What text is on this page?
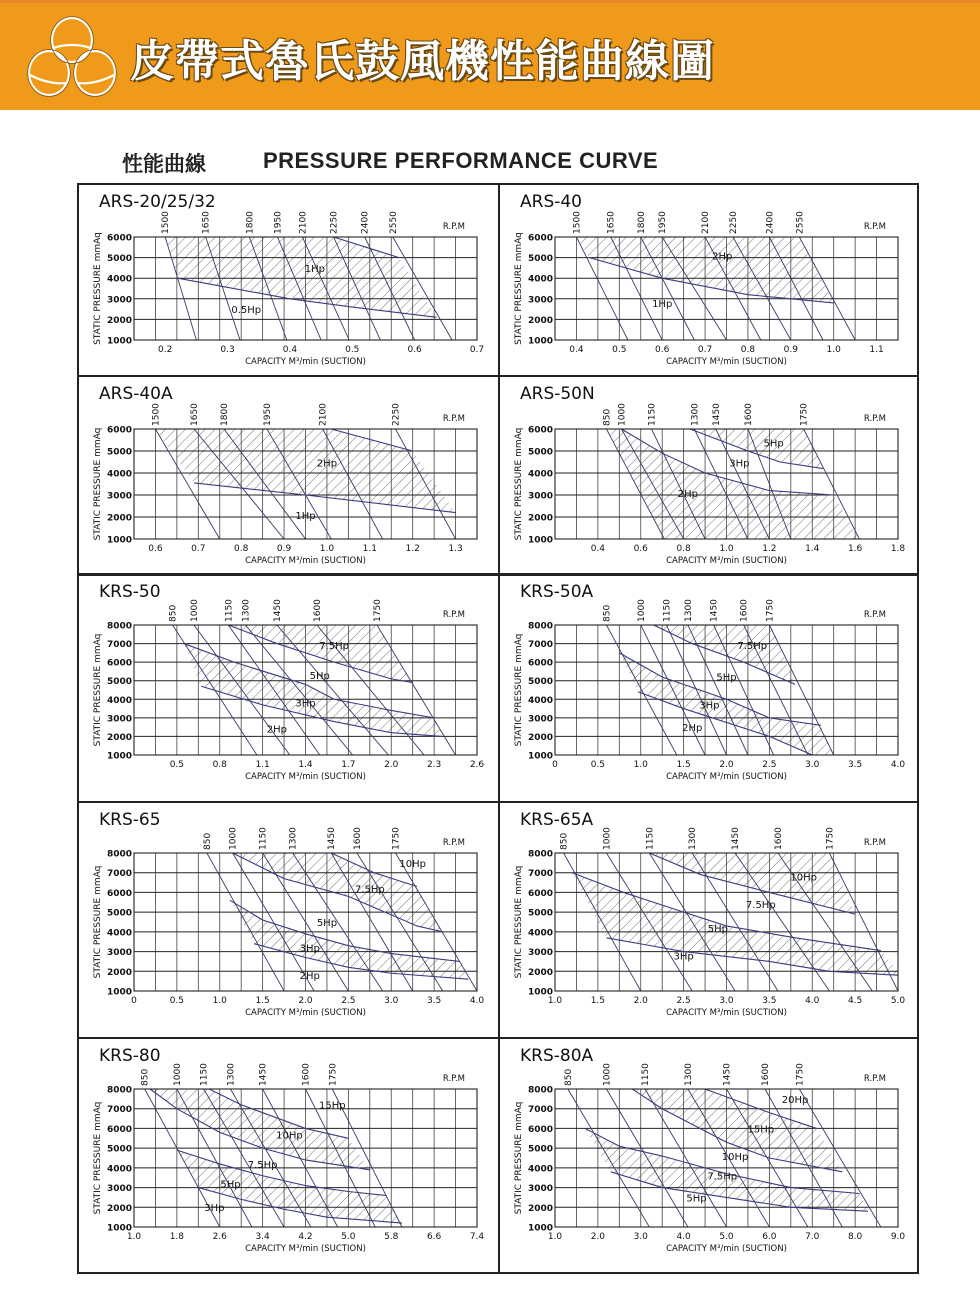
皮帶式魯氏鼓風機性能曲線圖
性能曲線	PRESSURE PERFORMANCE CURVE
ARS-20/25/32
1000
2000
3000
4000
5000
6000
0.2	0.3	0.4	0.5	0.6	0.7
CAPACITY M³/min (SUCTION)
STATIC PRESSURE mmAq
R.P.M
1500	1650	1800 1950 2100 2250 2400 2550
1Hp
0.5Hp
ARS-40
1000
2000
3000
4000
5000
6000
0.4	0.5	0.6	0.7	0.8	0.9	1.0	1.1
CAPACITY M³/min (SUCTION)
STATIC PRESSURE mmAq
R.P.M
1500	1650 1800 1950	2100 2250	2400 2550
2Hp
1Hp
ARS-40A
1000
2000
3000
4000
5000
6000
0.6	0.7	0.8	0.9	1.0	1.1	1.2	1.3
CAPACITY M³/min (SUCTION)
STATIC PRESSURE mmAq
R.P.M
1500	1650 1800	1950	2100	2250
2Hp
1Hp
ARS-50N
1000
2000
3000
4000
5000
6000
0.4	0.6	0.8	1.0	1.2	1.4	1.6	1.8
CAPACITY M³/min (SUCTION)
STATIC PRESSURE mmAq
R.P.M
850 1000 1150	1300 1450 1600	1750
5Hp
3Hp
2Hp
KRS-50
1000
2000
3000
4000
5000
6000
7000
8000
0.5	0.8	1.1	1.4	1.7	2.0	2.3	2.6
CAPACITY M³/min (SUCTION)
STATIC PRESSURE mmAq
R.P.M
850 1000	1150 1300 1450	1600	1750
7.5Hp
5Hp
3Hp
2Hp
KRS-50A
1000
2000
3000
4000
5000
6000
7000
8000
0	0.5	1.0	1.5	2.0	2.5	3.0	3.5	4.0
CAPACITY M³/min (SUCTION)
STATIC PRESSURE mmAq
R.P.M
850	1000 1150 1300 1450 1600 1750
7.5Hp
5Hp
3Hp
2Hp
KRS-65
1000
2000
3000
4000
5000
6000
7000
8000
0	0.5	1.0	1.5	2.0	2.5	3.0	3.5	4.0
CAPACITY M³/min (SUCTION)
STATIC PRESSURE mmAq
R.P.M
850 1000 1150 1300	1450 1600	1750
10Hp
7.5Hp
5Hp
3Hp
2Hp
KRS-65A
1000
2000
3000
4000
5000
6000
7000
8000
1.0	1.5	2.0	2.5	3.0	3.5	4.0	4.5	5.0
CAPACITY M³/min (SUCTION)
STATIC PRESSURE mmAq
R.P.M
850	1000	1150	1300	1450	1600	1750
10Hp
7.5Hp
5Hp
3Hp
KRS-80
1000
2000
3000
4000
5000
6000
7000
8000
1.0	1.8	2.6	3.4	4.2	5.0	5.8	6.6	7.4
CAPACITY M³/min (SUCTION)
STATIC PRESSURE mmAq
R.P.M
850 1000 1150 1300 1450	1600 1750
15Hp
10Hp
7.5Hp
5Hp
3Hp
KRS-80A
1000
2000
3000
4000
5000
6000
7000
8000
1.0	2.0	3.0	4.0	5.0	6.0	7.0	8.0	9.0
CAPACITY M³/min (SUCTION)
STATIC PRESSURE mmAq
R.P.M
850	1000	1150	1300	1450	1600	1750
20Hp
15Hp
10Hp
7.5Hp
5Hp
